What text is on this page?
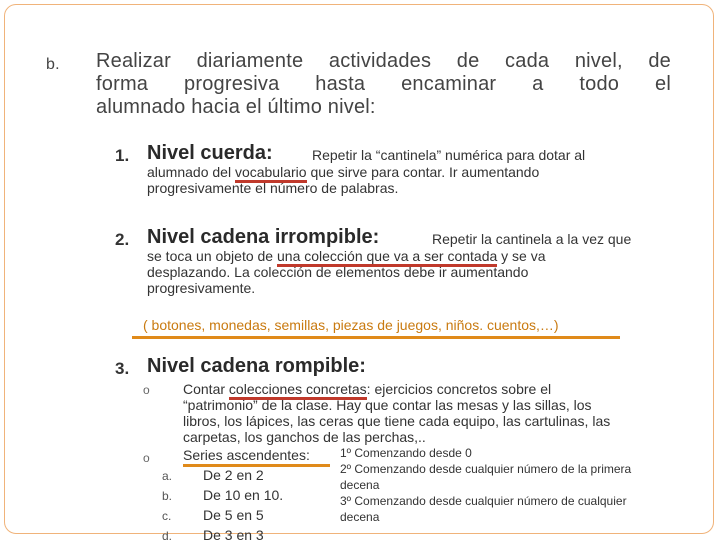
b. Realizar diariamente actividades de cada nivel, de
forma progresiva hasta encaminar a todo el
alumnado hacia el último nivel:
1. Nivel cuerda:	Repetir la “cantinela” numérica para dotar al
alumnado del vocabulario que sirve para contar. Ir aumentando
progresivamente el número de palabras.
2. Nivel cadena irrompible:	Repetir la cantinela a la vez que
se toca un objeto de una colección que va a ser contada y se va
desplazando. La colección de elementos debe ir aumentando
progresivamente.
( botones, monedas, semillas, piezas de juegos, niños. cuentos,…)
3. Nivel cadena rompible:
o Contar colecciones concretas: ejercicios concretos sobre el
“patrimonio” de la clase. Hay que contar las mesas y las sillas, los
libros, los lápices, las ceras que tiene cada equipo, las cartulinas, las
carpetas, los ganchos de las perchas,..
o Series ascendentes:
a. De 2 en 2
b. De 10 en 10.
c. De 5 en 5
d. De 3 en 3
1º Comenzando desde 0
2º Comenzando desde cualquier número de la primera
decena
3º Comenzando desde cualquier número de cualquier
decena
